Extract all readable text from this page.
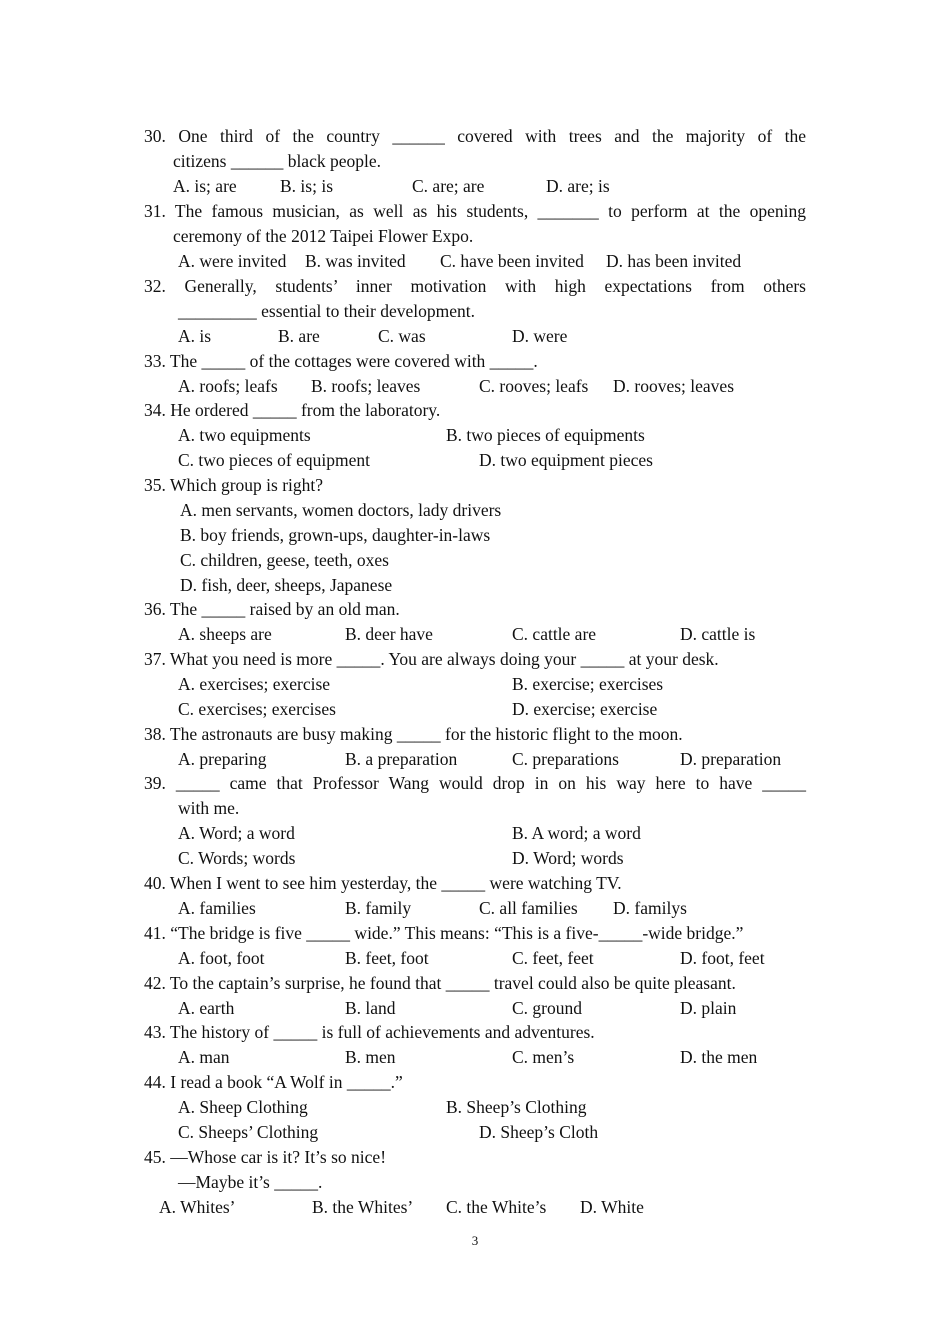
30. One third of the country ______ covered with trees and the majority of the
citizens ______ black people.
A. is; are B. is; is	C. are; are	D. are; is
31. The famous musician, as well as his students, _______ to perform at the opening
ceremony of the 2012 Taipei Flower Expo.
A. were invited B. was invited C. have been invited D. has been invited
32. Generally, students’ inner motivation with high expectations from others
_________ essential to their development.
A. is	B. are	C. was	D. were
33. The _____ of the cottages were covered with _____.
A. roofs; leafs B. roofs; leaves	C. rooves; leafs D. rooves; leaves
34. He ordered _____ from the laboratory.
A. two equipments	B. two pieces of equipments
C. two pieces of equipment	D. two equipment pieces
35. Which group is right?
A. men servants, women doctors, lady drivers
B. boy friends, grown-ups, daughter-in-laws
C. children, geese, teeth, oxes
D. fish, deer, sheeps, Japanese
36. The _____ raised by an old man.
A. sheeps are	B. deer have	C. cattle are	D. cattle is
37. What you need is more _____. You are always doing your _____ at your desk.
A. exercises; exercise	B. exercise; exercises
C. exercises; exercises	D. exercise; exercise
38. The astronauts are busy making _____ for the historic flight to the moon.
A. preparing	B. a preparation	C. preparations	D. preparation
39. _____ came that Professor Wang would drop in on his way here to have _____
with me.
A. Word; a word	B. A word; a word
C. Words; words	D. Word; words
40. When I went to see him yesterday, the _____ were watching TV.
A. families	B. family	C. all families D. familys
41. “The bridge is five _____ wide.” This means: “This is a five-_____-wide bridge.”
A. foot, foot	B. feet, foot	C. feet, feet	D. foot, feet
42. To the captain’s surprise, he found that _____ travel could also be quite pleasant.
A. earth	B. land	C. ground	D. plain
43. The history of _____ is full of achievements and adventures.
A. man	B. men	C. men’s	D. the men
44. I read a book “A Wolf in _____.”
A. Sheep Clothing	B. Sheep’s Clothing
C. Sheeps’ Clothing	D. Sheep’s Cloth
45. —Whose car is it? It’s so nice!
—Maybe it’s _____.
A. Whites’	B. the Whites’ C. the White’s D. White
3
